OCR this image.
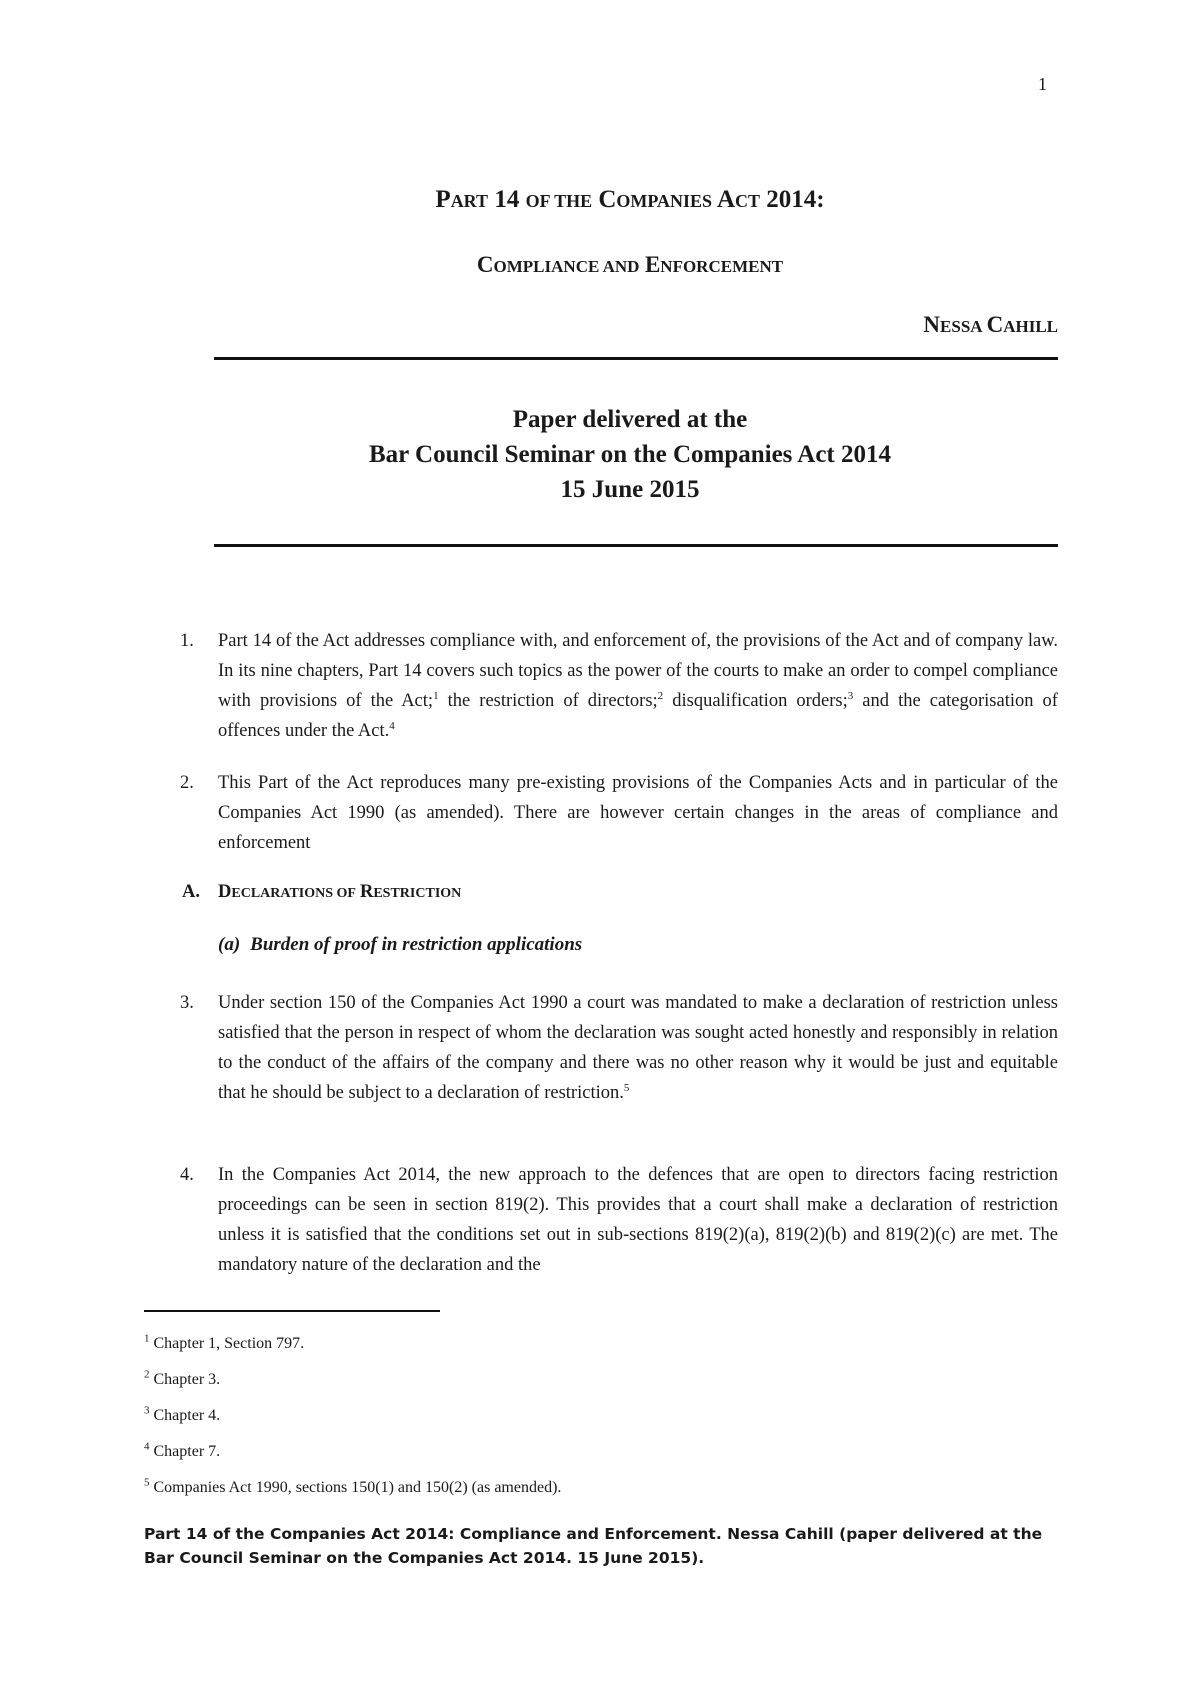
1
PART 14 OF THE COMPANIES ACT 2014:
COMPLIANCE AND ENFORCEMENT
NESSA CAHILL
Paper delivered at the
Bar Council Seminar on the Companies Act 2014
15 June 2015
1. Part 14 of the Act addresses compliance with, and enforcement of, the provisions of the Act and of company law. In its nine chapters, Part 14 covers such topics as the power of the courts to make an order to compel compliance with provisions of the Act;$^1$ the restriction of directors;$^2$ disqualification orders;$^3$ and the categorisation of offences under the Act.$^4$
2. This Part of the Act reproduces many pre-existing provisions of the Companies Acts and in particular of the Companies Act 1990 (as amended). There are however certain changes in the areas of compliance and enforcement
A. DECLARATIONS OF RESTRICTION
(a) Burden of proof in restriction applications
3. Under section 150 of the Companies Act 1990 a court was mandated to make a declaration of restriction unless satisfied that the person in respect of whom the declaration was sought acted honestly and responsibly in relation to the conduct of the affairs of the company and there was no other reason why it would be just and equitable that he should be subject to a declaration of restriction.$^5$
4. In the Companies Act 2014, the new approach to the defences that are open to directors facing restriction proceedings can be seen in section 819(2). This provides that a court shall make a declaration of restriction unless it is satisfied that the conditions set out in sub-sections 819(2)(a), 819(2)(b) and 819(2)(c) are met. The mandatory nature of the declaration and the
$^1$ Chapter 1, Section 797.
$^2$ Chapter 3.
$^3$ Chapter 4.
$^4$ Chapter 7.
$^5$ Companies Act 1990, sections 150(1) and 150(2) (as amended).
Part 14 of the Companies Act 2014: Compliance and Enforcement. Nessa Cahill (paper delivered at the Bar Council Seminar on the Companies Act 2014. 15 June 2015).
